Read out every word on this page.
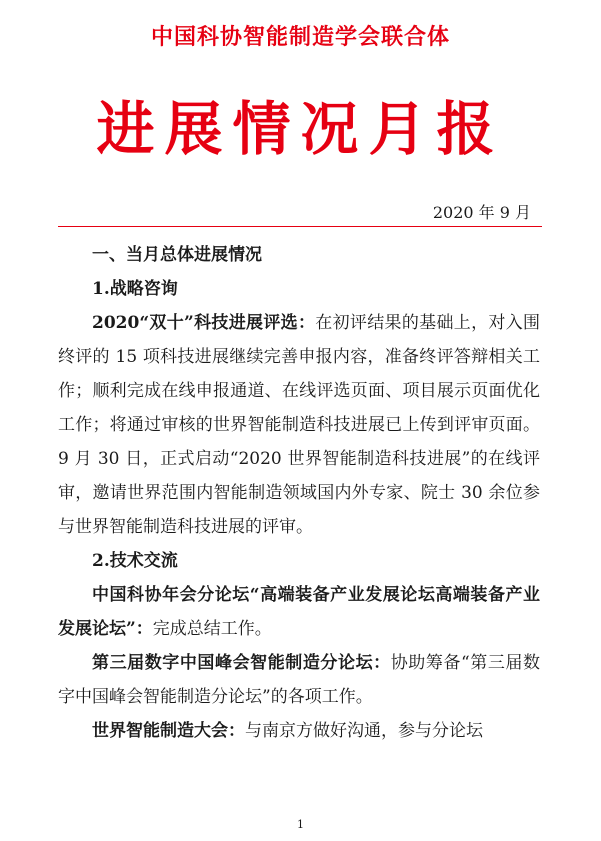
中国科协智能制造学会联合体
进展情况月报
2020 年 9 月

一、当月总体进展情况

1.战略咨询

2020“双十”科技进展评选：在初评结果的基础上，对入围终评的 15 项科技进展继续完善申报内容，准备终评答辩相关工作；顺利完成在线申报通道、在线评选页面、项目展示页面优化工作；将通过审核的世界智能制造科技进展已上传到评审页面。9 月 30 日，正式启动“2020 世界智能制造科技进展”的在线评审，邀请世界范围内智能制造领域国内外专家、院士 30 余位参与世界智能制造科技进展的评审。

2.技术交流

中国科协年会分论坛“高端装备产业发展论坛高端装备产业发展论坛”：完成总结工作。

第三届数字中国峰会智能制造分论坛：协助筹备“第三届数字中国峰会智能制造分论坛”的各项工作。

世界智能制造大会：与南京方做好沟通，参与分论坛

1
